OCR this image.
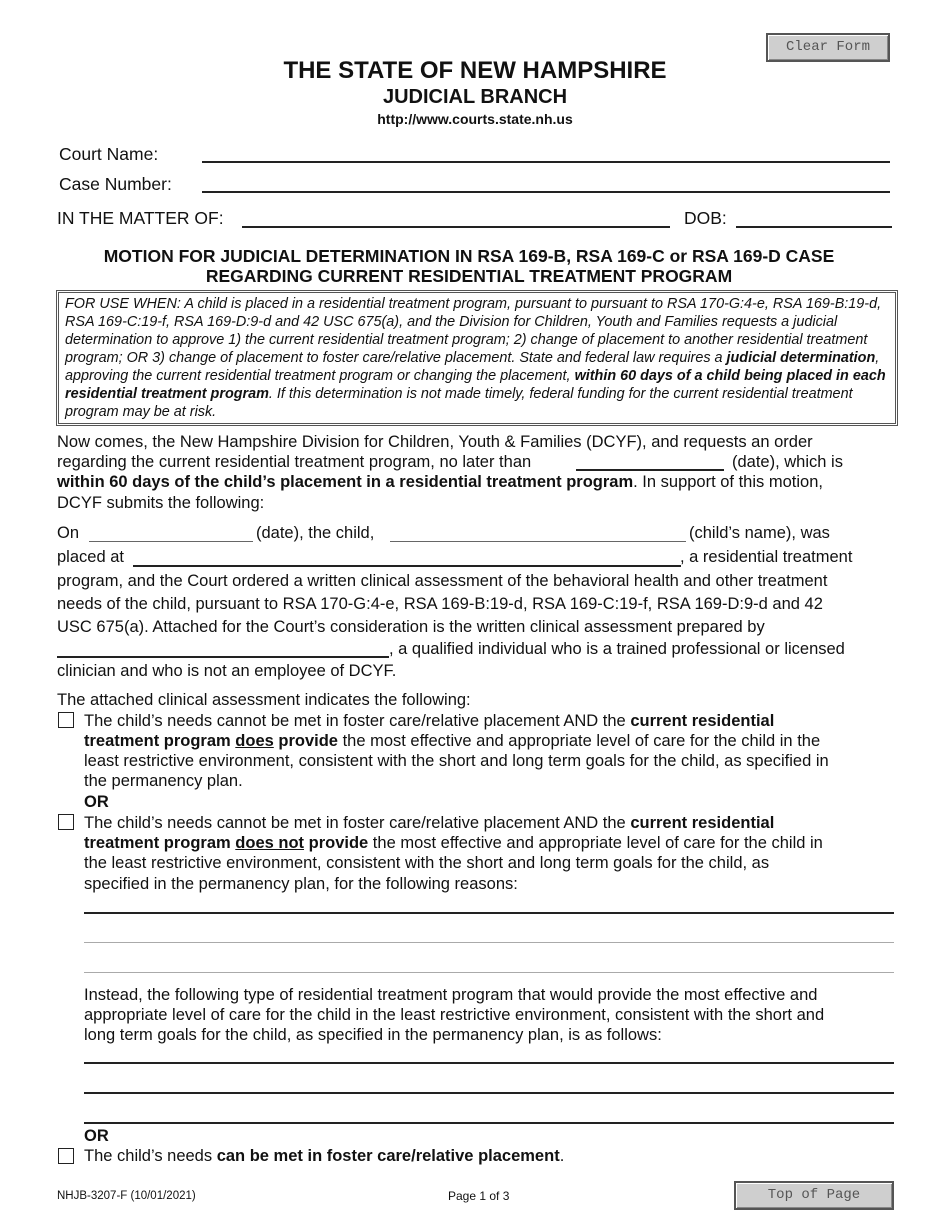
Clear Form
THE STATE OF NEW HAMPSHIRE
JUDICIAL BRANCH
http://www.courts.state.nh.us
Court Name:
Case Number:
IN THE MATTER OF:	DOB:
MOTION FOR JUDICIAL DETERMINATION IN RSA 169-B, RSA 169-C or RSA 169-D CASE
REGARDING CURRENT RESIDENTIAL TREATMENT PROGRAM
FOR USE WHEN: A child is placed in a residential treatment program, pursuant to pursuant to RSA 170-G:4-e, RSA 169-B:19-d, RSA 169-C:19-f, RSA 169-D:9-d and 42 USC 675(a), and the Division for Children, Youth and Families requests a judicial determination to approve 1) the current residential treatment program; 2) change of placement to another residential treatment program; OR 3) change of placement to foster care/relative placement. State and federal law requires a judicial determination, approving the current residential treatment program or changing the placement, within 60 days of a child being placed in each residential treatment program. If this determination is not made timely, federal funding for the current residential treatment program may be at risk.
Now comes, the New Hampshire Division for Children, Youth & Families (DCYF), and requests an order
regarding the current residential treatment program, no later than	(date), which is
within 60 days of the child’s placement in a residential treatment program. In support of this motion,
DCYF submits the following:
On	(date), the child,	(child’s name), was
placed at	, a residential treatment
program, and the Court ordered a written clinical assessment of the behavioral health and other treatment
needs of the child, pursuant to RSA 170-G:4-e, RSA 169-B:19-d, RSA 169-C:19-f, RSA 169-D:9-d and 42
USC 675(a). Attached for the Court’s consideration is the written clinical assessment prepared by
, a qualified individual who is a trained professional or licensed
clinician and who is not an employee of DCYF.
The attached clinical assessment indicates the following:
The child’s needs cannot be met in foster care/relative placement AND the current residential
treatment program does provide the most effective and appropriate level of care for the child in the
least restrictive environment, consistent with the short and long term goals for the child, as specified in
the permanency plan.
OR
The child’s needs cannot be met in foster care/relative placement AND the current residential
treatment program does not provide the most effective and appropriate level of care for the child in
the least restrictive environment, consistent with the short and long term goals for the child, as
specified in the permanency plan, for the following reasons:
Instead, the following type of residential treatment program that would provide the most effective and
appropriate level of care for the child in the least restrictive environment, consistent with the short and
long term goals for the child, as specified in the permanency plan, is as follows:
OR
The child’s needs can be met in foster care/relative placement.
NHJB-3207-F (10/01/2021)	Page 1 of 3	Top of Page
